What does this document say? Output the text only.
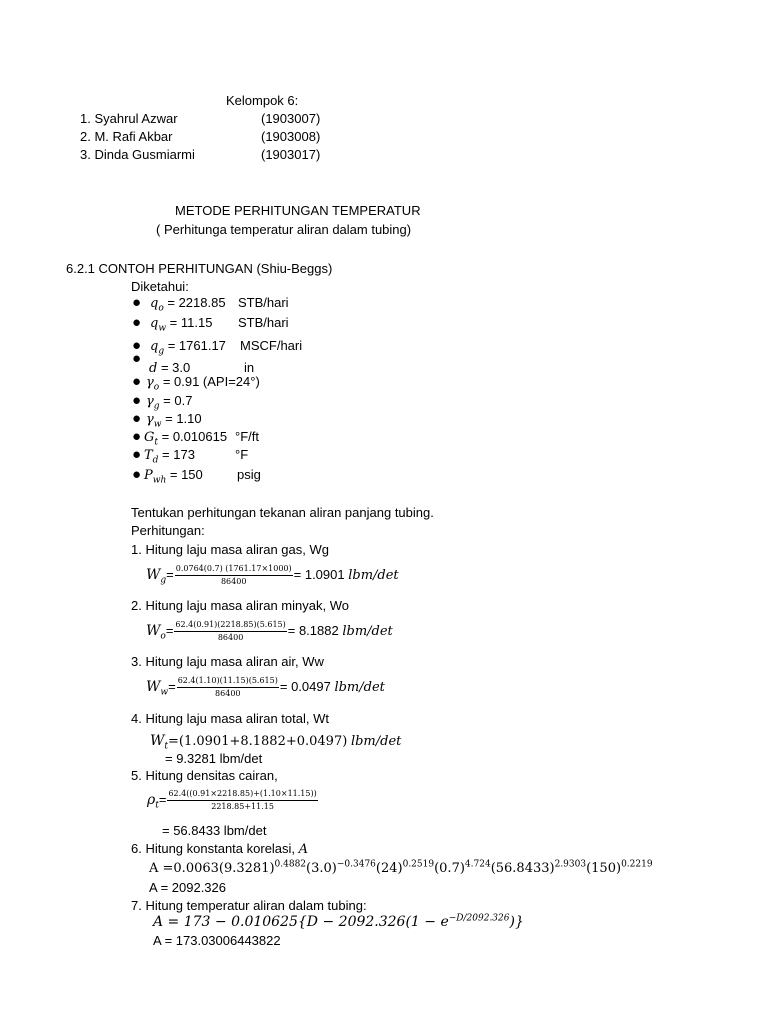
Kelompok 6:
1. Syahrul Azwar	(1903007)
2. M. Rafi Akbar	(1903008)
3. Dinda Gusmiarmi	(1903017)
METODE PERHITUNGAN TEMPERATUR
( Perhitunga temperatur aliran dalam tubing)
6.2.1 CONTOH PERHITUNGAN (Shiu-Beggs)
Diketahui:
● $q_o = 2218.85$ STB/hari
● $q_w = 11.15$ STB/hari
● $q_g = 1761.17$ MSCF/hari
●
d = 3.0	in
● $\gamma_o = 0.91$ (API=24°)
● $\gamma_g = 0.7$
● $\gamma_w = 1.10$
● $G_t = 0.010615$ °F/ft
● $T_d = 173$	°F
● $P_{wh} = 150$	psig
Tentukan perhitungan tekanan aliran panjang tubing.
Perhitungan:
1. Hitung laju masa aliran gas, Wg
$W_g= \frac{0.0764(0.7) (1761.17\times 1000)}{86400} = 1.0901$ lbm/det
2. Hitung laju masa aliran minyak, Wo
$W_o= \frac{62.4(0.91)(2218.85)(5.615)}{86400} = 8.1882$ lbm/det
3. Hitung laju masa aliran air, Ww
$W_w= \frac{62.4(1.10)(11.15)(5.615)}{86400} = 0.0497$ lbm/det
4. Hitung laju masa aliran total, Wt
$W_t=(1.0901+8.1882+0.0497)$ lbm/det
= 9.3281 lbm/det
5. Hitung densitas cairan,
$\rho_t= \frac{62.4((0.91\times 2218.85)+(1.10\times 11.15))}{2218.85+11.15}$
= 56.8433 lbm/det
6. Hitung konstanta korelasi, A
$A =0.0063(9.3281)^{0.4882}(3.0)^{-0.3476}(24)^{0.2519}(0.7)^{4.724}(56.8433)^{2.9303}(150)^{0.2219}$
A = 2092.326
7. Hitung temperatur aliran dalam tubing:
$A = 173 - 0.010625\{D - 2092.326(1 - e^{-D/2092.326})\}$
A = 173.03006443822
